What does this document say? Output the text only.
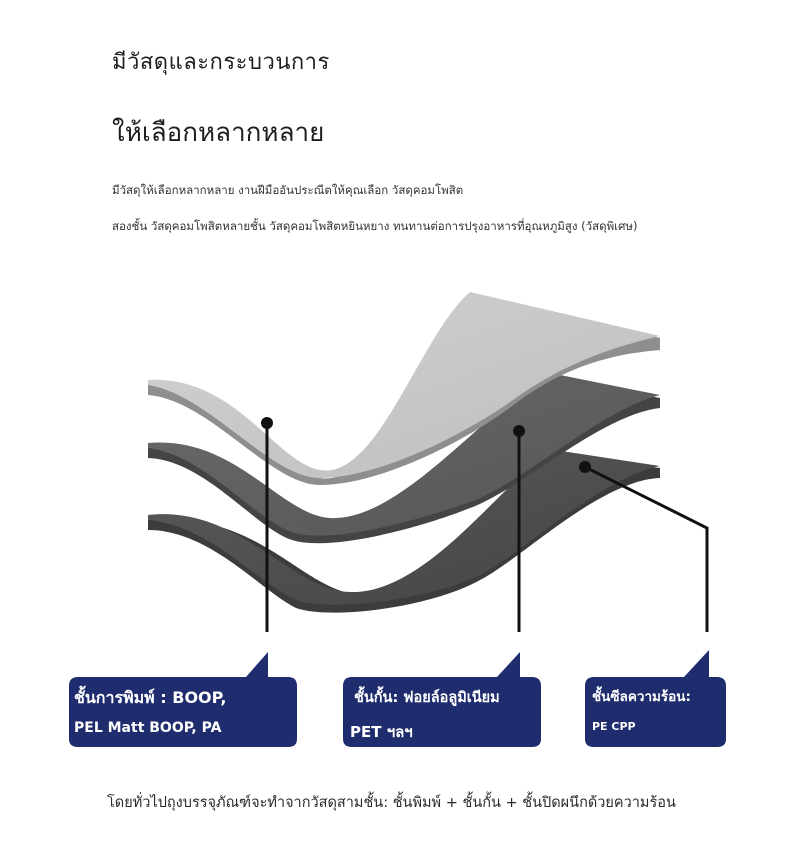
มีวัสดุและกระบวนการ
ให้เลือกหลากหลาย
มีวัสดุให้เลือกหลากหลาย งานฝีมืออันประณีตให้คุณเลือก วัสดุคอมโพสิต
สองชั้น วัสดุคอมโพสิตหลายชั้น วัสดุคอมโพสิตหยินหยาง ทนทานต่อการปรุงอาหารที่อุณหภูมิสูง (วัสดุพิเศษ)
ชั้นการพิมพ์ : BOOP,
PEL Matt BOOP, PA
ชั้นกั้น: ฟอยล์อลูมิเนียม
PET ฯลฯ
ชั้นซีลความร้อน:
PE CPP
โดยทั่วไปถุงบรรจุภัณฑ์จะทำจากวัสดุสามชั้น: ชั้นพิมพ์ + ชั้นกั้น + ชั้นปิดผนึกด้วยความร้อน
